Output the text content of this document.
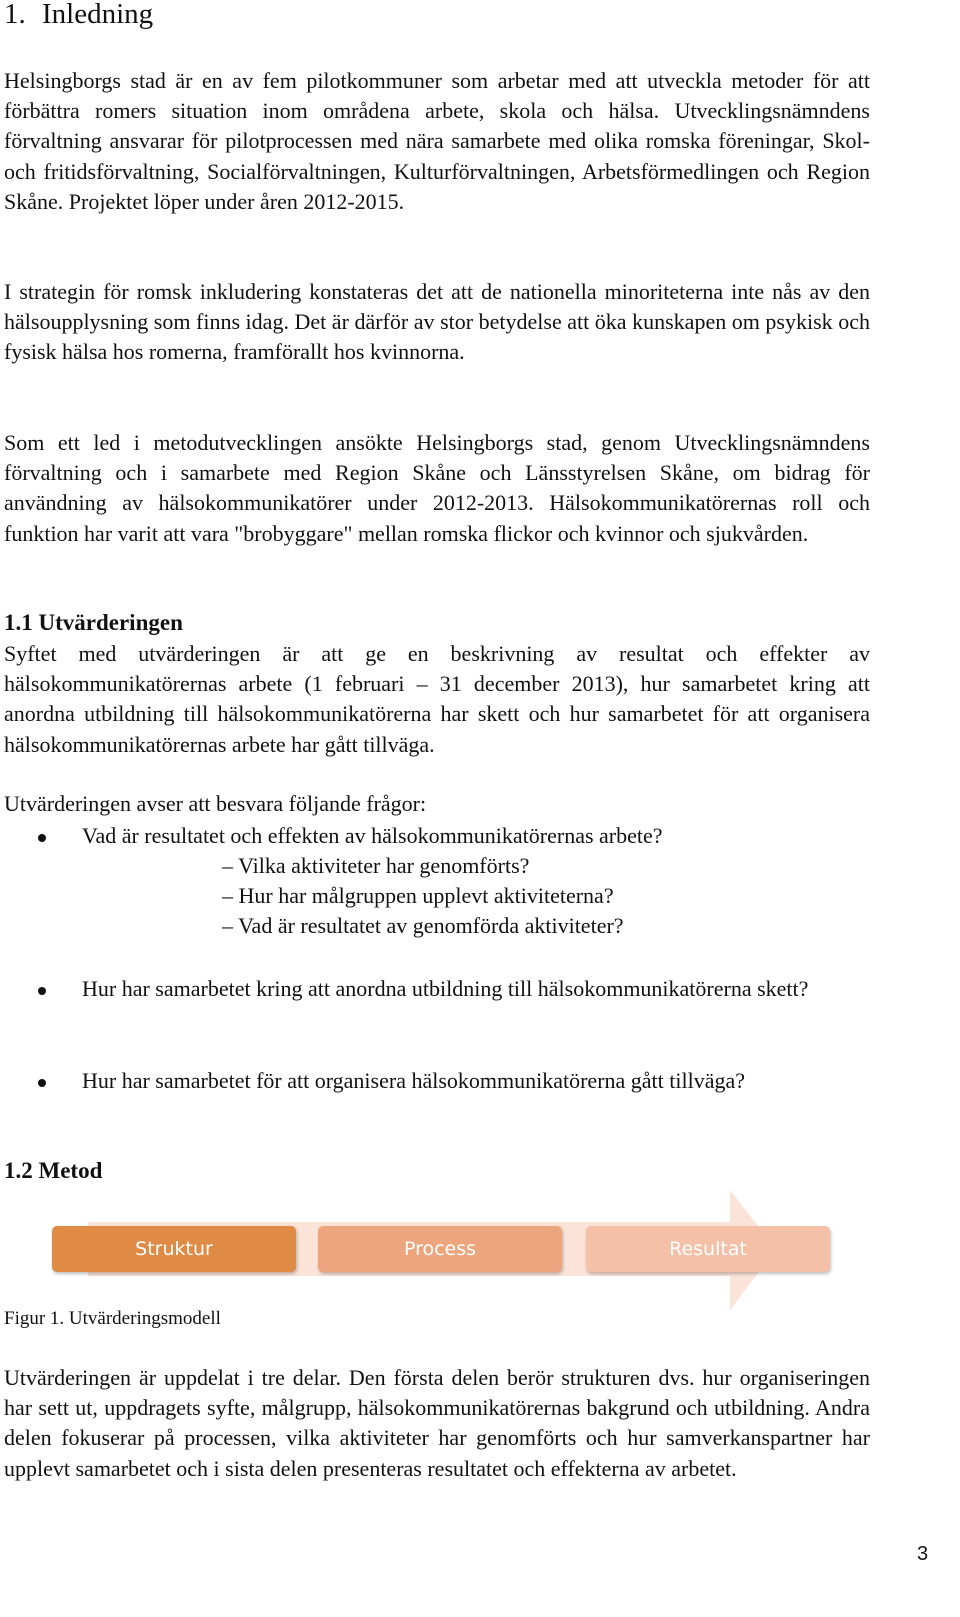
1. Inledning

Helsingborgs stad är en av fem pilotkommuner som arbetar med att utveckla metoder för att förbättra romers situation inom områdena arbete, skola och hälsa. Utvecklingsnämndens förvaltning ansvarar för pilotprocessen med nära samarbete med olika romska föreningar, Skol- och fritidsförvaltning, Socialförvaltningen, Kulturförvaltningen, Arbetsförmedlingen och Region Skåne. Projektet löper under åren 2012-2015.

I strategin för romsk inkludering konstateras det att de nationella minoriteterna inte nås av den hälsoupplysning som finns idag. Det är därför av stor betydelse att öka kunskapen om psykisk och fysisk hälsa hos romerna, framförallt hos kvinnorna.

Som ett led i metodutvecklingen ansökte Helsingborgs stad, genom Utvecklingsnämndens förvaltning och i samarbete med Region Skåne och Länsstyrelsen Skåne, om bidrag för användning av hälsokommunikatörer under 2012-2013. Hälsokommunikatörernas roll och funktion har varit att vara "brobyggare" mellan romska flickor och kvinnor och sjukvården.

1.1 Utvärderingen

Syftet med utvärderingen är att ge en beskrivning av resultat och effekter av hälsokommunikatörernas arbete (1 februari – 31 december 2013), hur samarbetet kring att anordna utbildning till hälsokommunikatörerna har skett och hur samarbetet för att organisera hälsokommunikatörernas arbete har gått tillväga.

Utvärderingen avser att besvara följande frågor:

Vad är resultatet och effekten av hälsokommunikatörernas arbete?
– Vilka aktiviteter har genomförts?
– Hur har målgruppen upplevt aktiviteterna?
– Vad är resultatet av genomförda aktiviteter?
Hur har samarbetet kring att anordna utbildning till hälsokommunikatörerna skett?
Hur har samarbetet för att organisera hälsokommunikatörerna gått tillväga?
1.2 Metod
Struktur	Process	Resultat
Figur 1. Utvärderingsmodell

Utvärderingen är uppdelat i tre delar. Den första delen berör strukturen dvs. hur organiseringen har sett ut, uppdragets syfte, målgrupp, hälsokommunikatörernas bakgrund och utbildning. Andra delen fokuserar på processen, vilka aktiviteter har genomförts och hur samverkanspartner har upplevt samarbetet och i sista delen presenteras resultatet och effekterna av arbetet.

3
